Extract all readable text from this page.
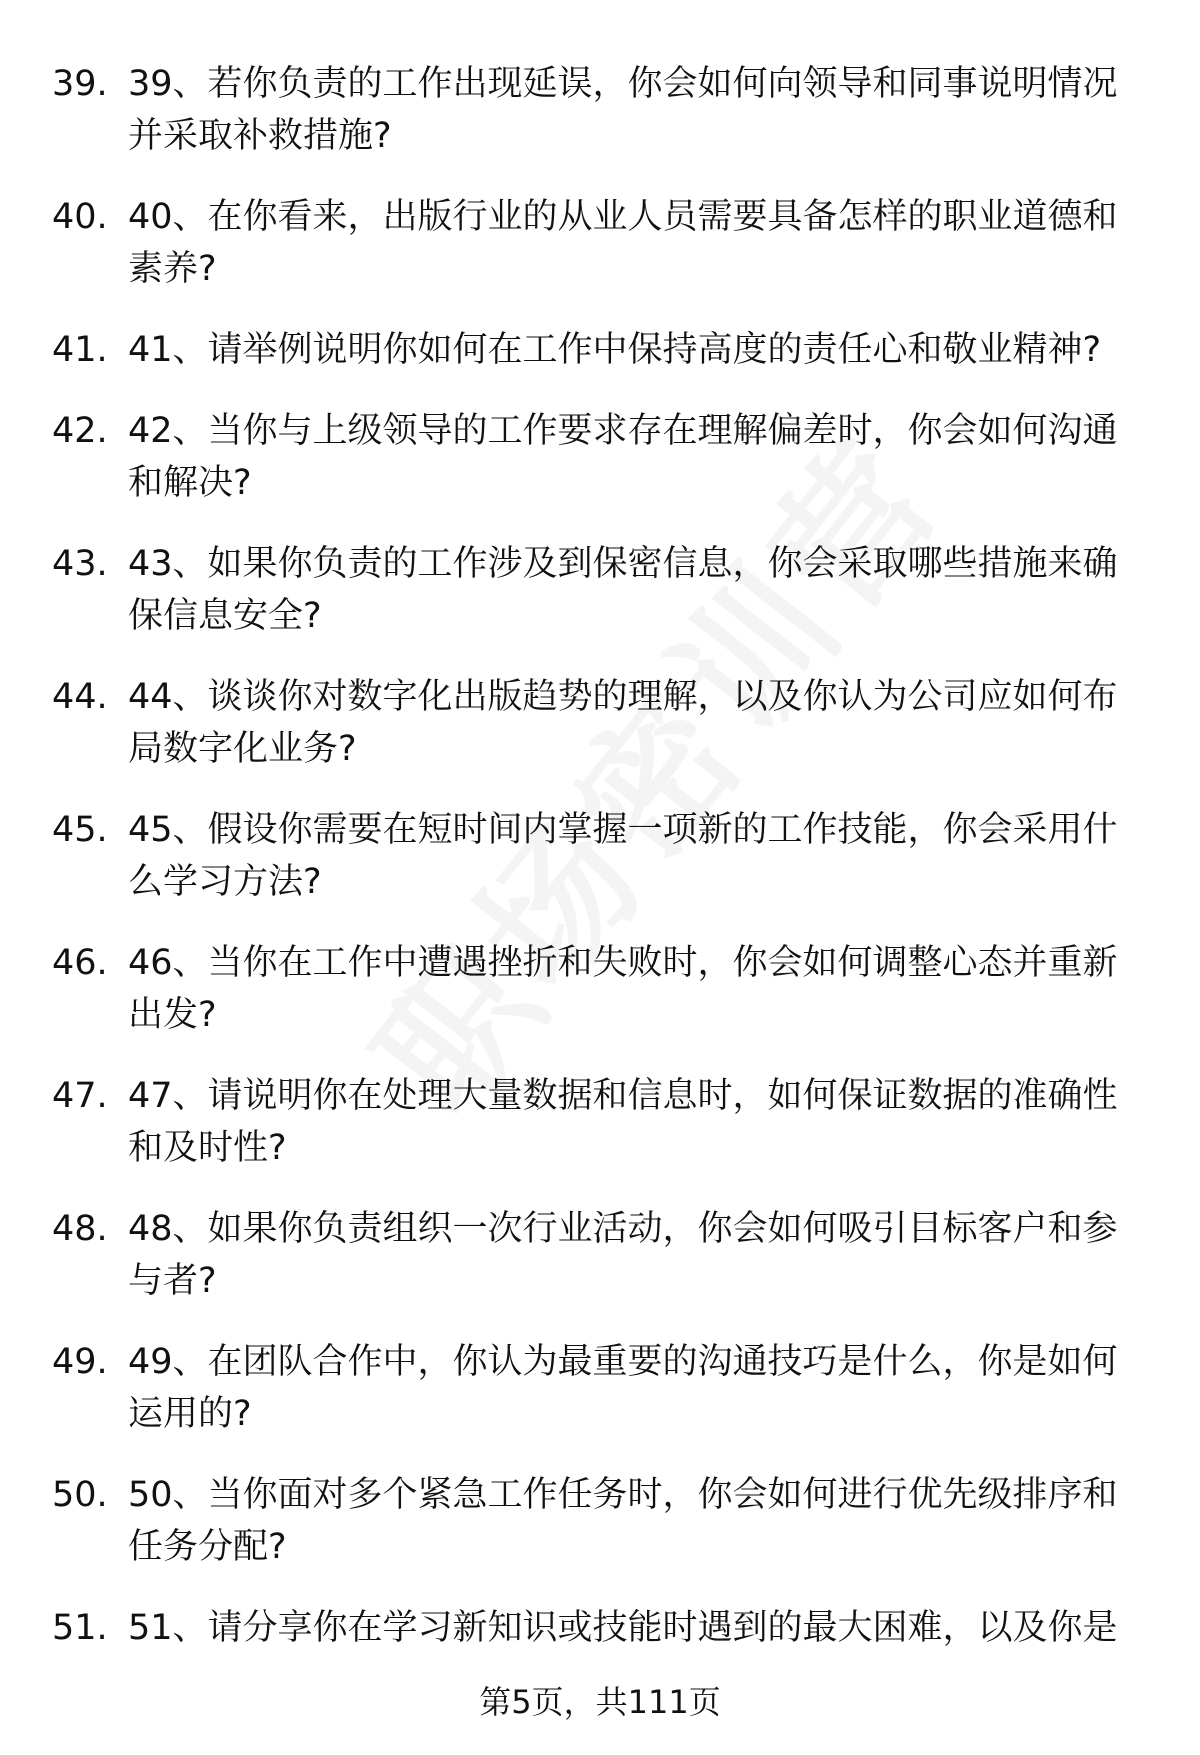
39. 39、若你负责的工作出现延误，你会如何向领导和同事说明情况并采取补救措施?
40. 40、在你看来，出版行业的从业人员需要具备怎样的职业道德和素养?
41. 41、请举例说明你如何在工作中保持高度的责任心和敬业精神?
42. 42、当你与上级领导的工作要求存在理解偏差时，你会如何沟通和解决?
43. 43、如果你负责的工作涉及到保密信息，你会采取哪些措施来确保信息安全?
44. 44、谈谈你对数字化出版趋势的理解，以及你认为公司应如何布局数字化业务?
45. 45、假设你需要在短时间内掌握一项新的工作技能，你会采用什么学习方法?
46. 46、当你在工作中遭遇挫折和失败时，你会如何调整心态并重新出发?
47. 47、请说明你在处理大量数据和信息时，如何保证数据的准确性和及时性?
48. 48、如果你负责组织一次行业活动，你会如何吸引目标客户和参与者?
49. 49、在团队合作中，你认为最重要的沟通技巧是什么，你是如何运用的?
50. 50、当你面对多个紧急工作任务时，你会如何进行优先级排序和任务分配?
51. 51、请分享你在学习新知识或技能时遇到的最大困难，以及你是
第5页，共111页
